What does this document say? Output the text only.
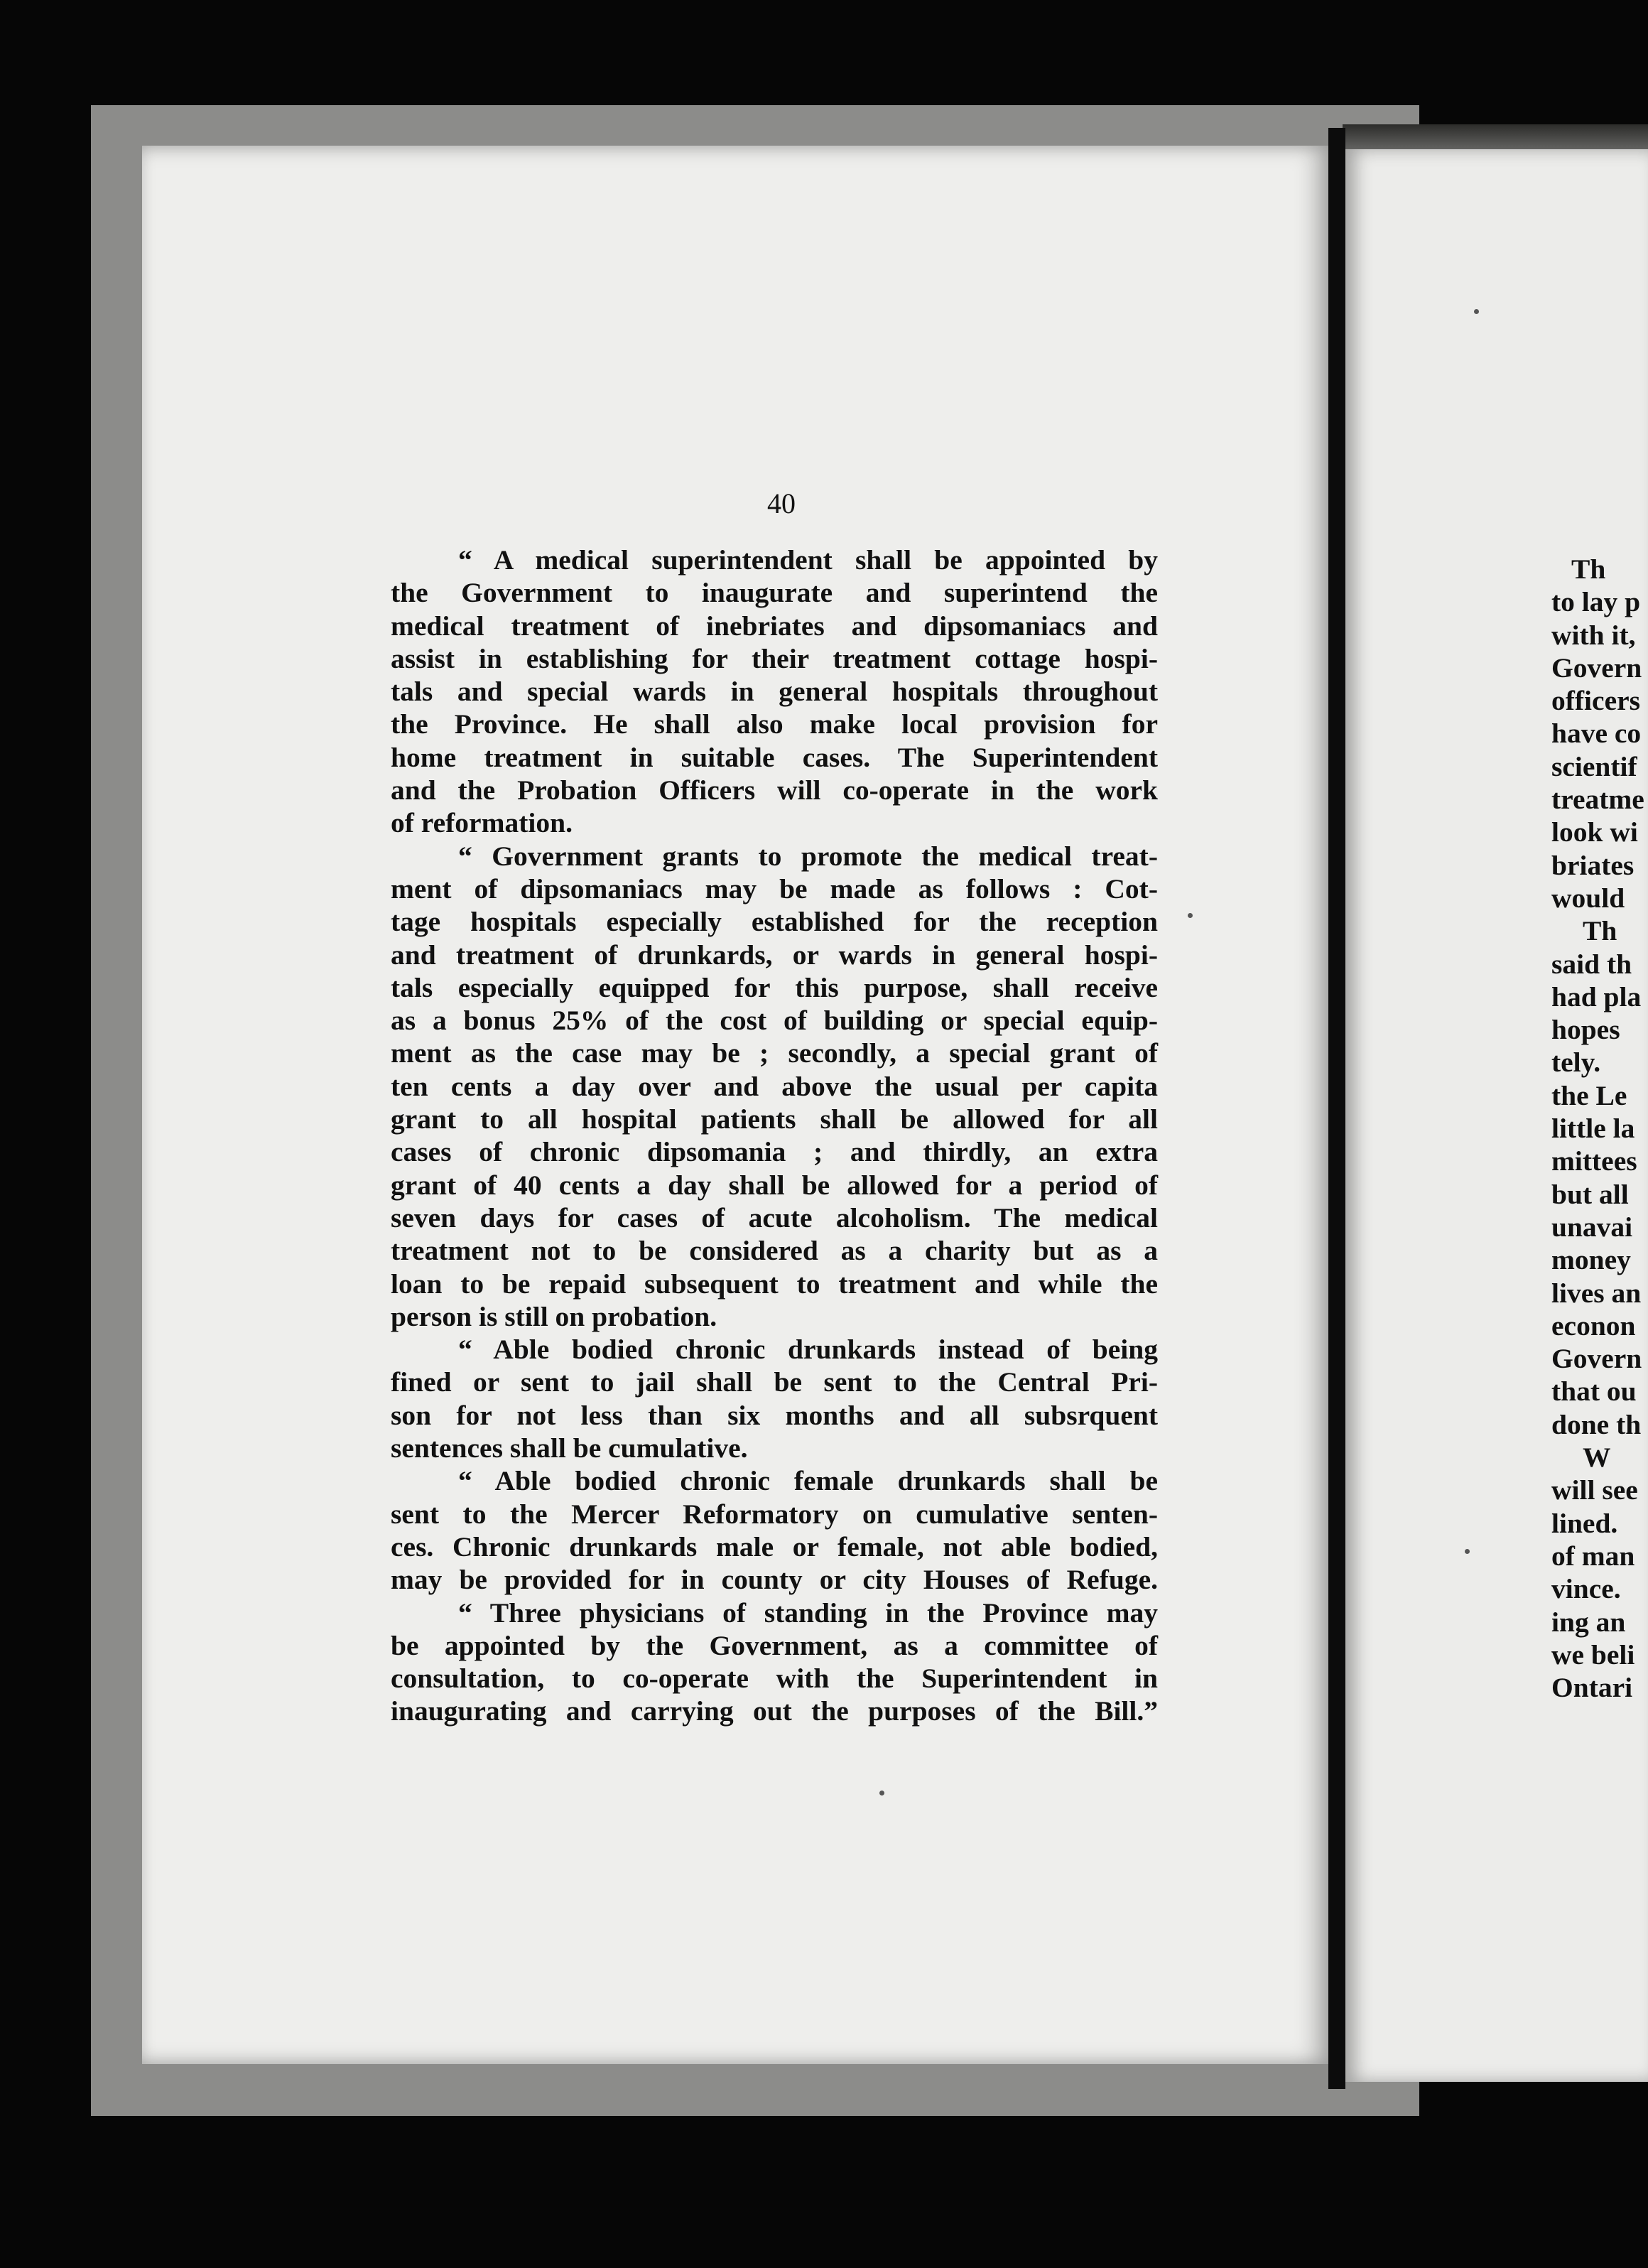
40
“ A medical superintendent shall be appointed by
the Government to inaugurate and superintend the
medical treatment of inebriates and dipsomaniacs and
assist in establishing for their treatment cottage hospi-
tals and special wards in general hospitals throughout
the Province. He shall also make local provision for
home treatment in suitable cases. The Superintendent
and the Probation Officers will co-operate in the work
of reformation.
“ Government grants to promote the medical treat-
ment of dipsomaniacs may be made as follows : Cot-
tage hospitals especially established for the reception
and treatment of drunkards, or wards in general hospi-
tals especially equipped for this purpose, shall receive
as a bonus 25% of the cost of building or special equip-
ment as the case may be ; secondly, a special grant of
ten cents a day over and above the usual per capita
grant to all hospital patients shall be allowed for all
cases of chronic dipsomania ; and thirdly, an extra
grant of 40 cents a day shall be allowed for a period of
seven days for cases of acute alcoholism. The medical
treatment not to be considered as a charity but as a
loan to be repaid subsequent to treatment and while the
person is still on probation.
“ Able bodied chronic drunkards instead of being
fined or sent to jail shall be sent to the Central Pri-
son for not less than six months and all subsrquent
sentences shall be cumulative.
“ Able bodied chronic female drunkards shall be
sent to the Mercer Reformatory on cumulative senten-
ces. Chronic drunkards male or female, not able bodied,
may be provided for in county or city Houses of Refuge.
“ Three physicians of standing in the Province may
be appointed by the Government, as a committee of
consultation, to co-operate with the Superintendent in
inaugurating and carrying out the purposes of the Bill.”
Th
to lay p
with it,
Govern
officers
have co
scientif
treatme
look wi
briates
would
Th
said th
had pla
hopes
tely.
the Le
little la
mittees
but all
unavai
money
lives an
econon
Govern
that ou
done th
W
will see
lined.
of man
vince.
ing an
we beli
Ontari
